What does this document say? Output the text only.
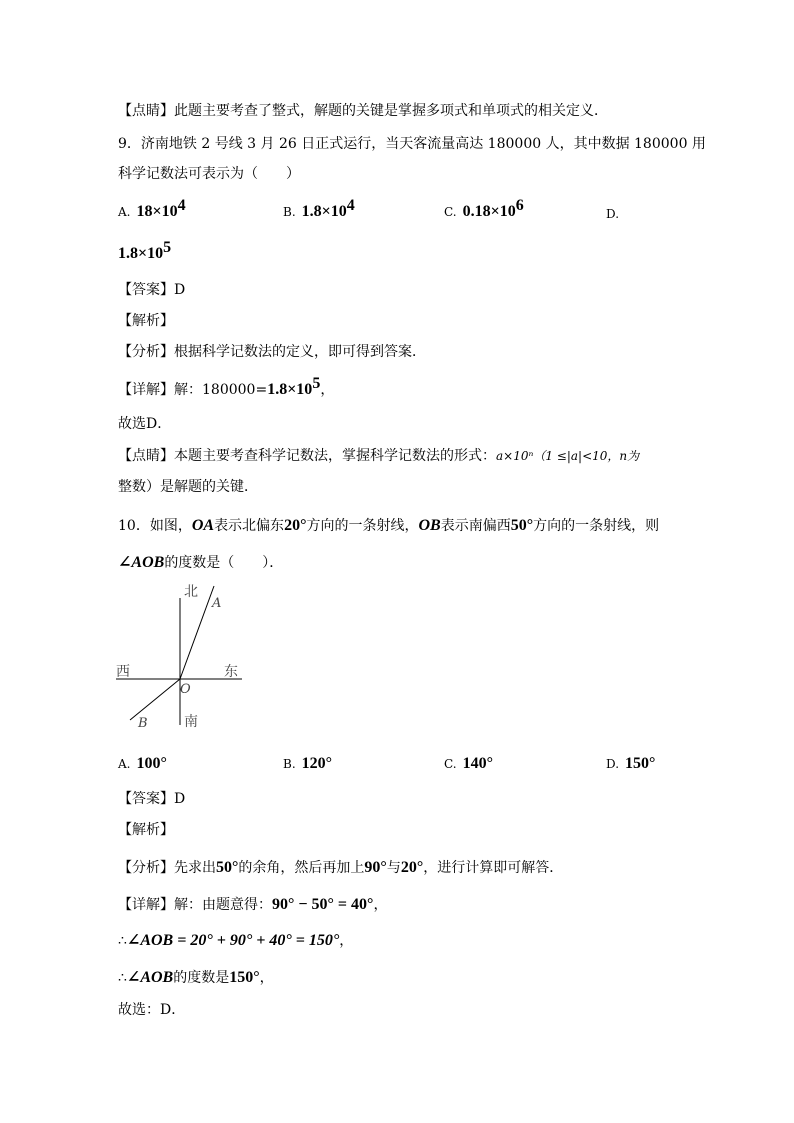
【点睛】此题主要考查了整式，解题的关键是掌握多项式和单项式的相关定义．
9．济南地铁 2 号线 3 月 26 日正式运行，当天客流量高达 180000 人，其中数据 180000 用
科学记数法可表示为（　　）
A. $18\times 10^4$	B. $1.8\times 10^4$	C. $0.18\times 10^6$	D.
$1.8\times 10^5$
【答案】D
【解析】
【分析】根据科学记数法的定义，即可得到答案．
【详解】解：$180000=1.8\times 10^5$，
故选D．
【点睛】本题主要考查科学记数法，掌握科学记数法的形式：a×10ⁿ（1 ≤|a|<10，n为
整数）是解题的关键．
10．如图，OA表示北偏东20°方向的一条射线，OB表示南偏西50°方向的一条射线，则
∠AOB的度数是（　　）．
北
西	东
南
A
O
B
A. 100°	B. 120°	C. 140°	D. 150°
【答案】D
【解析】
【分析】先求出50°的余角，然后再加上90°与20°，进行计算即可解答．
【详解】解：由题意得：90° − 50° = 40°，
∴∠AOB = 20° + 90° + 40° = 150°，
∴∠AOB的度数是150°，
故选：D．
